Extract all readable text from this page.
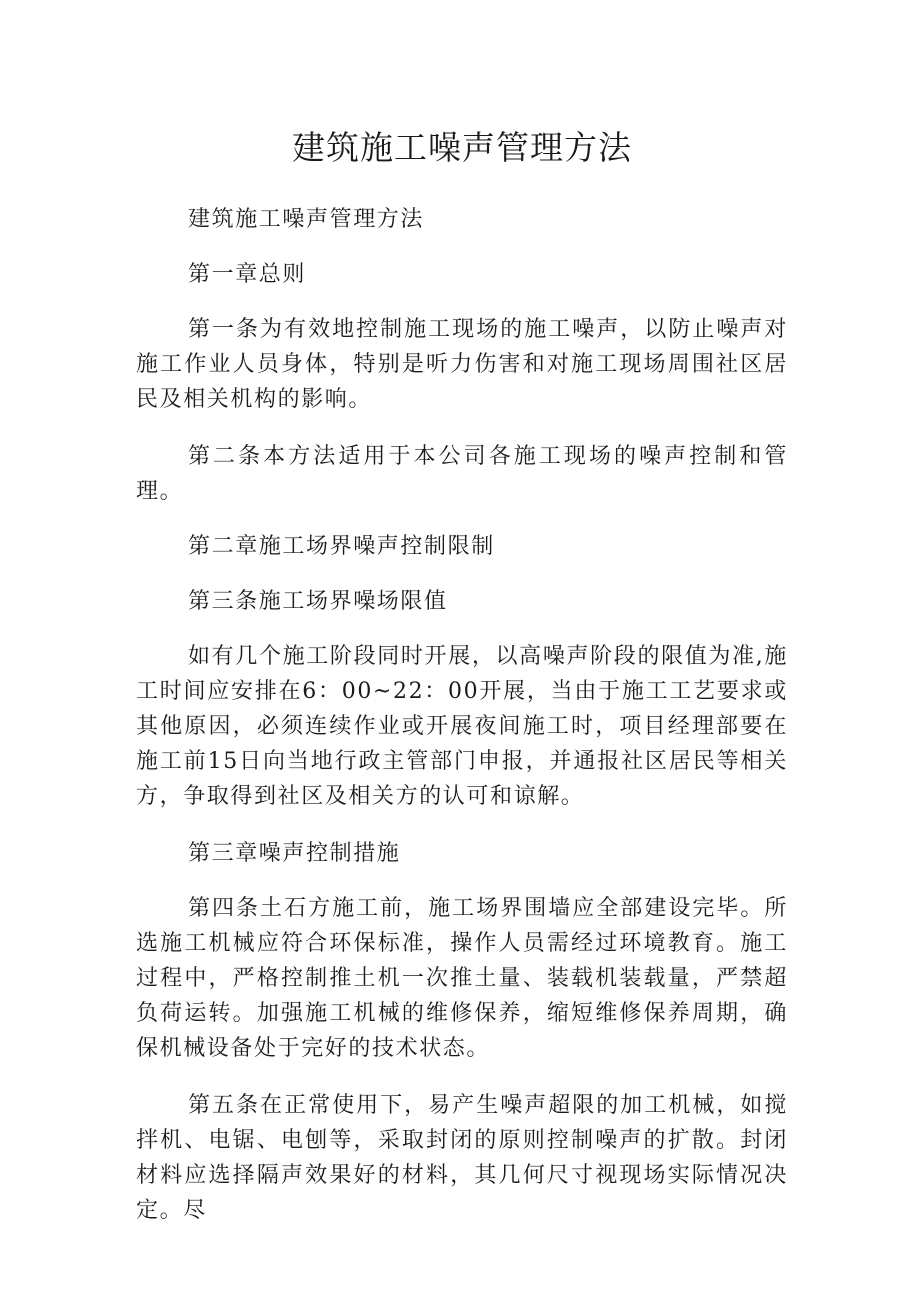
建筑施工噪声管理方法

建筑施工噪声管理方法

第一章总则

第一条为有效地控制施工现场的施工噪声，以防止噪声对施工作业人员身体，特别是听力伤害和对施工现场周围社区居民及相关机构的影响。

第二条本方法适用于本公司各施工现场的噪声控制和管理。

第二章施工场界噪声控制限制

第三条施工场界噪场限值

如有几个施工阶段同时开展，以高噪声阶段的限值为准,施工时间应安排在6：00~22：00开展，当由于施工工艺要求或其他原因，必须连续作业或开展夜间施工时，项目经理部要在施工前15日向当地行政主管部门申报，并通报社区居民等相关方，争取得到社区及相关方的认可和谅解。

第三章噪声控制措施

第四条土石方施工前，施工场界围墙应全部建设完毕。所选施工机械应符合环保标准，操作人员需经过环境教育。施工过程中，严格控制推土机一次推土量、装载机装载量，严禁超负荷运转。加强施工机械的维修保养，缩短维修保养周期，确保机械设备处于完好的技术状态。

第五条在正常使用下，易产生噪声超限的加工机械，如搅拌机、电锯、电刨等，采取封闭的原则控制噪声的扩散。封闭材料应选择隔声效果好的材料，其几何尺寸视现场实际情况决定。尽
